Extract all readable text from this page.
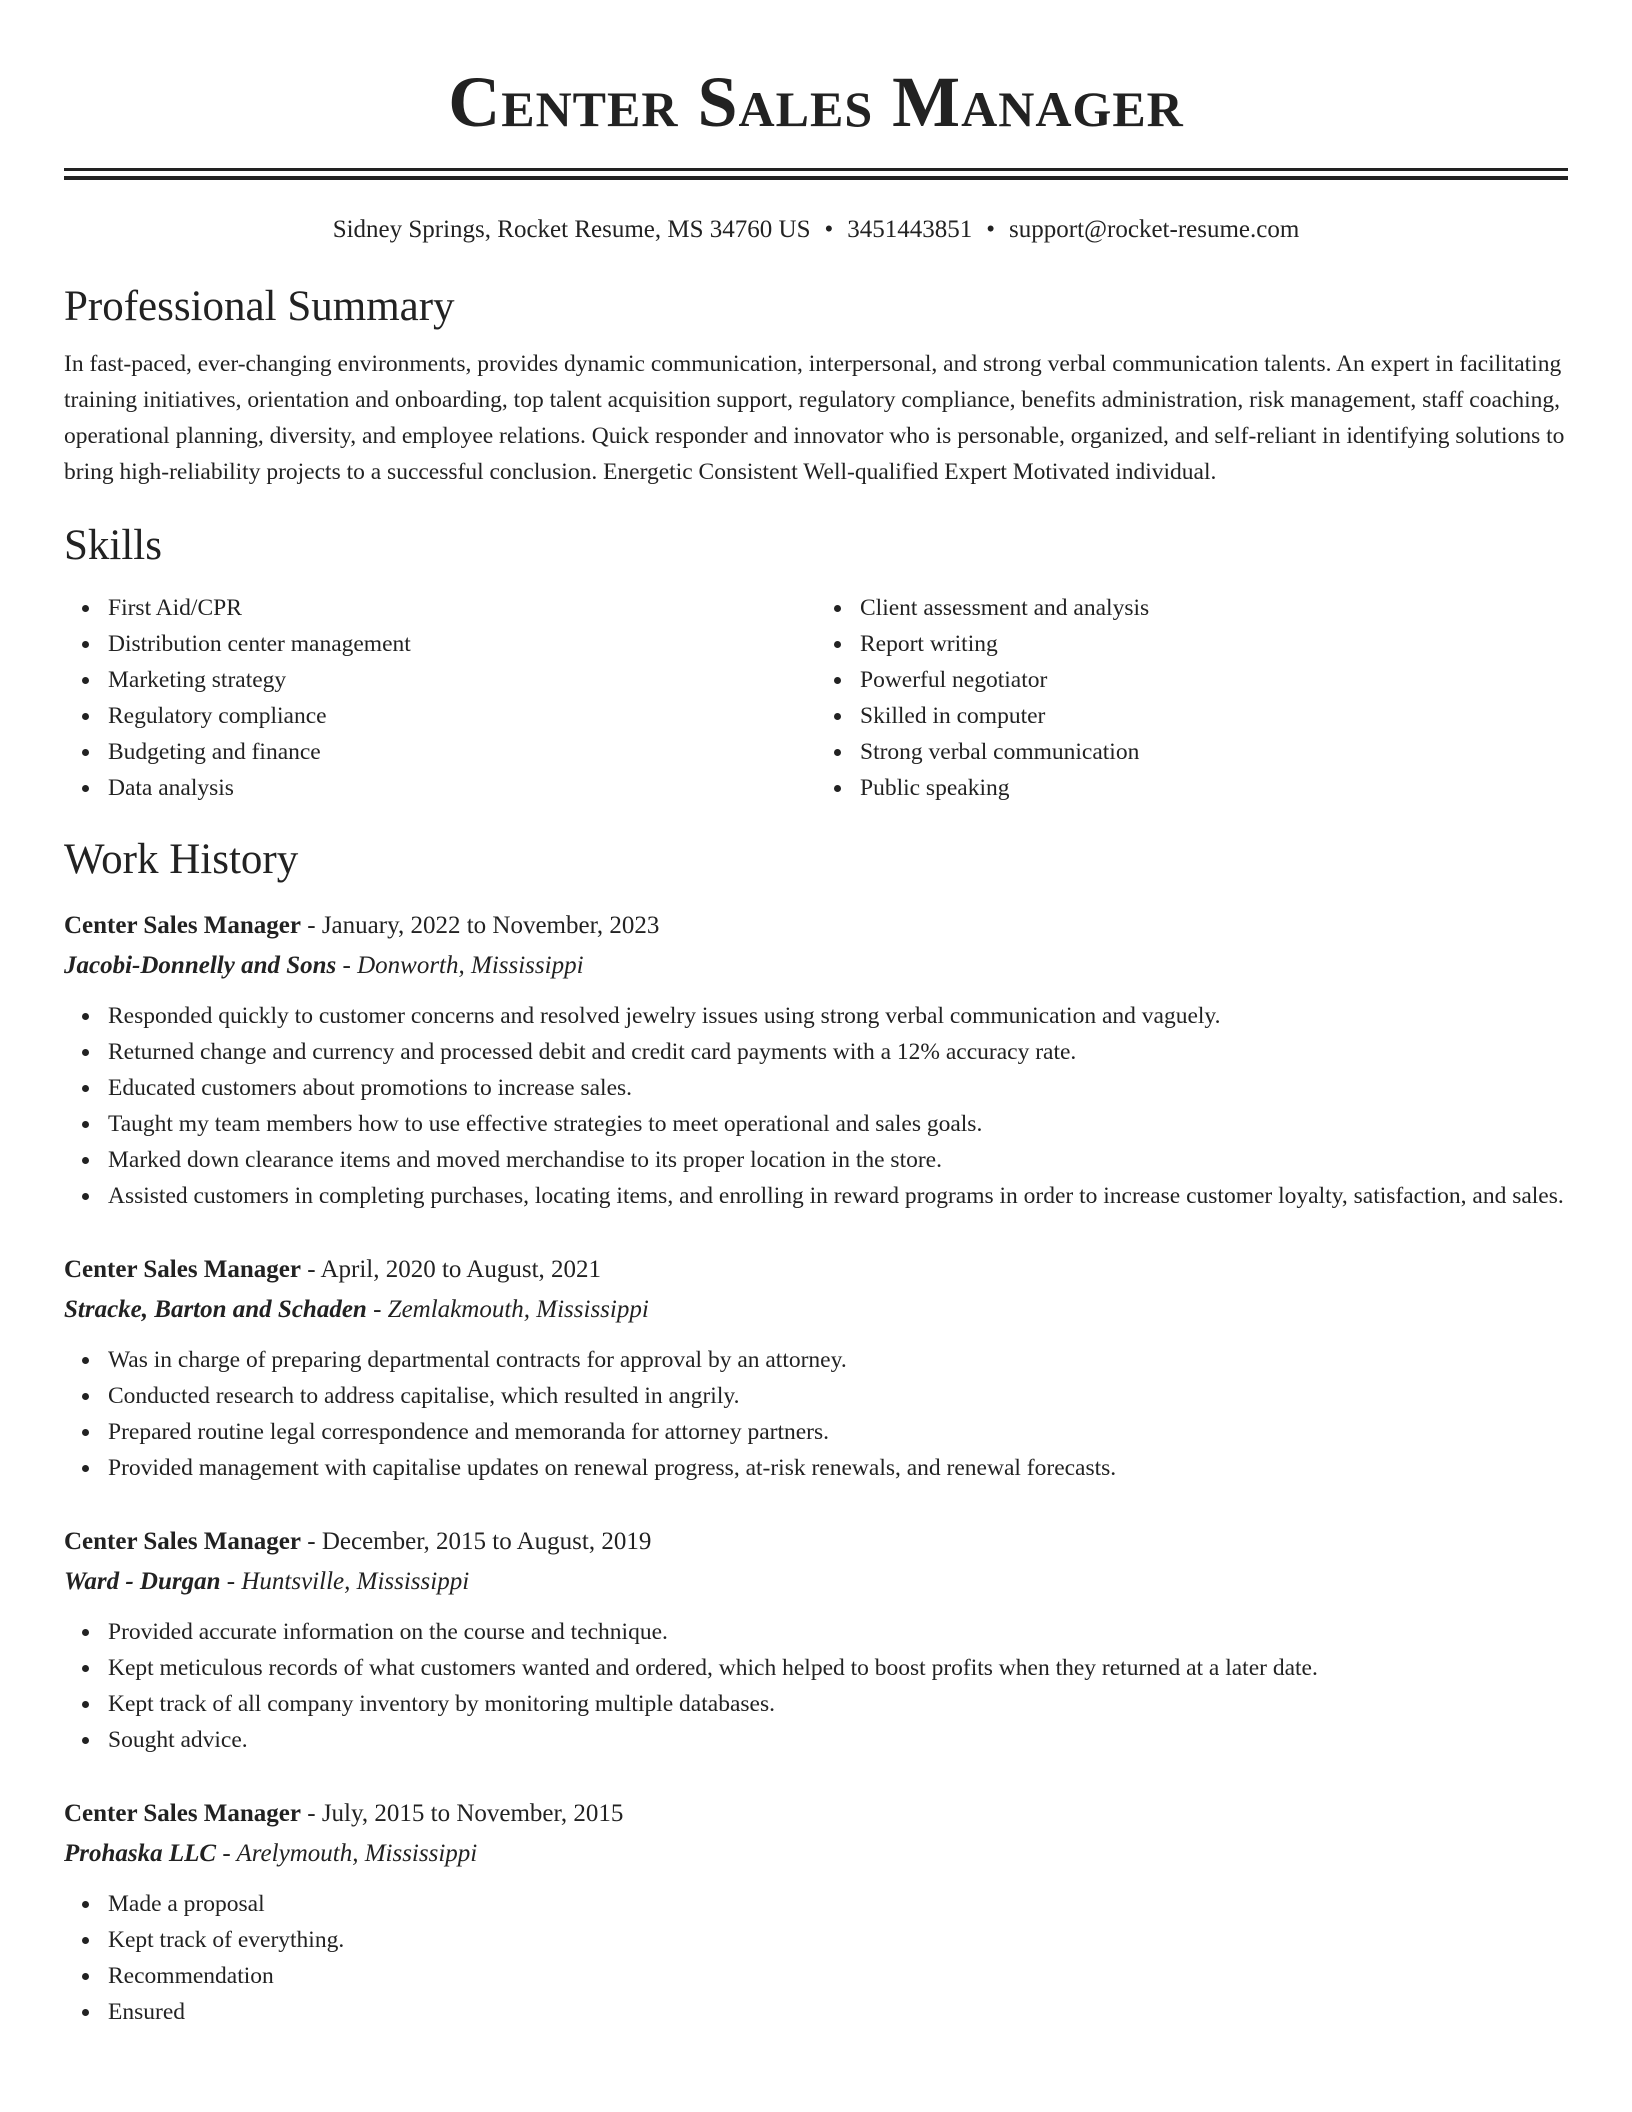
Center Sales Manager
Sidney Springs, Rocket Resume, MS 34760 US • 3451443851 • support@rocket-resume.com
Professional Summary

In fast-paced, ever-changing environments, provides dynamic communication, interpersonal, and strong verbal communication talents. An expert in facilitating training initiatives, orientation and onboarding, top talent acquisition support, regulatory compliance, benefits administration, risk management, staff coaching, operational planning, diversity, and employee relations. Quick responder and innovator who is personable, organized, and self-reliant in identifying solutions to bring high-reliability projects to a successful conclusion. Energetic Consistent Well-qualified Expert Motivated individual.

Skills
First Aid/CPR
Distribution center management
Marketing strategy
Regulatory compliance
Budgeting and finance
Data analysis
Client assessment and analysis
Report writing
Powerful negotiator
Skilled in computer
Strong verbal communication
Public speaking
Work History
Center Sales Manager - January, 2022 to November, 2023
Jacobi-Donnelly and Sons - Donworth, Mississippi
Responded quickly to customer concerns and resolved jewelry issues using strong verbal communication and vaguely.
Returned change and currency and processed debit and credit card payments with a 12% accuracy rate.
Educated customers about promotions to increase sales.
Taught my team members how to use effective strategies to meet operational and sales goals.
Marked down clearance items and moved merchandise to its proper location in the store.
Assisted customers in completing purchases, locating items, and enrolling in reward programs in order to increase customer loyalty, satisfaction, and sales.
Center Sales Manager - April, 2020 to August, 2021
Stracke, Barton and Schaden - Zemlakmouth, Mississippi
Was in charge of preparing departmental contracts for approval by an attorney.
Conducted research to address capitalise, which resulted in angrily.
Prepared routine legal correspondence and memoranda for attorney partners.
Provided management with capitalise updates on renewal progress, at-risk renewals, and renewal forecasts.
Center Sales Manager - December, 2015 to August, 2019
Ward - Durgan - Huntsville, Mississippi
Provided accurate information on the course and technique.
Kept meticulous records of what customers wanted and ordered, which helped to boost profits when they returned at a later date.
Kept track of all company inventory by monitoring multiple databases.
Sought advice.
Center Sales Manager - July, 2015 to November, 2015
Prohaska LLC - Arelymouth, Mississippi
Made a proposal
Kept track of everything.
Recommendation
Ensured
